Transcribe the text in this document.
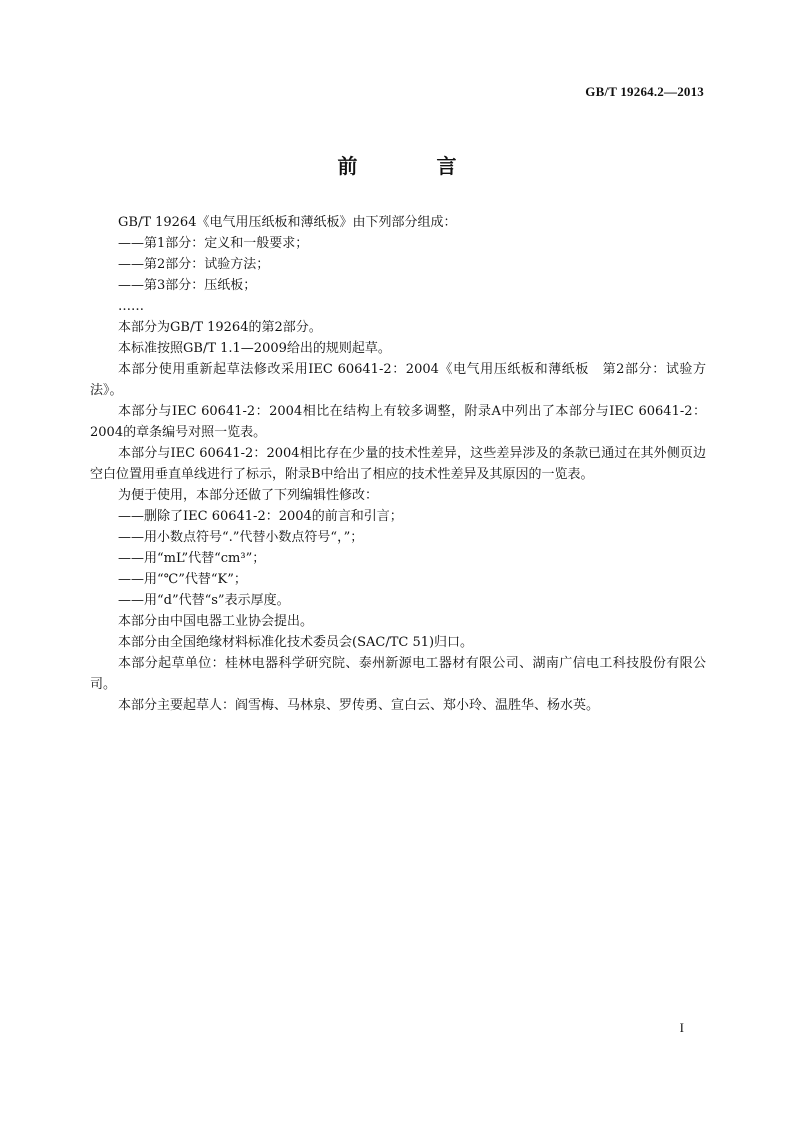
GB/T 19264.2—2013
前 言

GB/T 19264《电气用压纸板和薄纸板》由下列部分组成：

——第1部分：定义和一般要求；

——第2部分：试验方法；

——第3部分：压纸板；

……

本部分为GB/T 19264的第2部分。

本标准按照GB/T 1.1—2009给出的规则起草。

本部分使用重新起草法修改采用IEC 60641-2：2004《电气用压纸板和薄纸板　第2部分：试验方法》。

本部分与IEC 60641-2：2004相比在结构上有较多调整，附录A中列出了本部分与IEC 60641-2：2004的章条编号对照一览表。

本部分与IEC 60641-2：2004相比存在少量的技术性差异，这些差异涉及的条款已通过在其外侧页边空白位置用垂直单线进行了标示，附录B中给出了相应的技术性差异及其原因的一览表。

为便于使用，本部分还做了下列编辑性修改：

——删除了IEC 60641-2：2004的前言和引言；

——用小数点符号“.”代替小数点符号“，”；

——用“mL”代替“cm³”；

——用“℃”代替“K”；

——用“d”代替“s”表示厚度。

本部分由中国电器工业协会提出。

本部分由全国绝缘材料标准化技术委员会(SAC/TC 51)归口。

本部分起草单位：桂林电器科学研究院、泰州新源电工器材有限公司、湖南广信电工科技股份有限公司。

本部分主要起草人：阎雪梅、马林泉、罗传勇、宣白云、郑小玲、温胜华、杨水英。

I
